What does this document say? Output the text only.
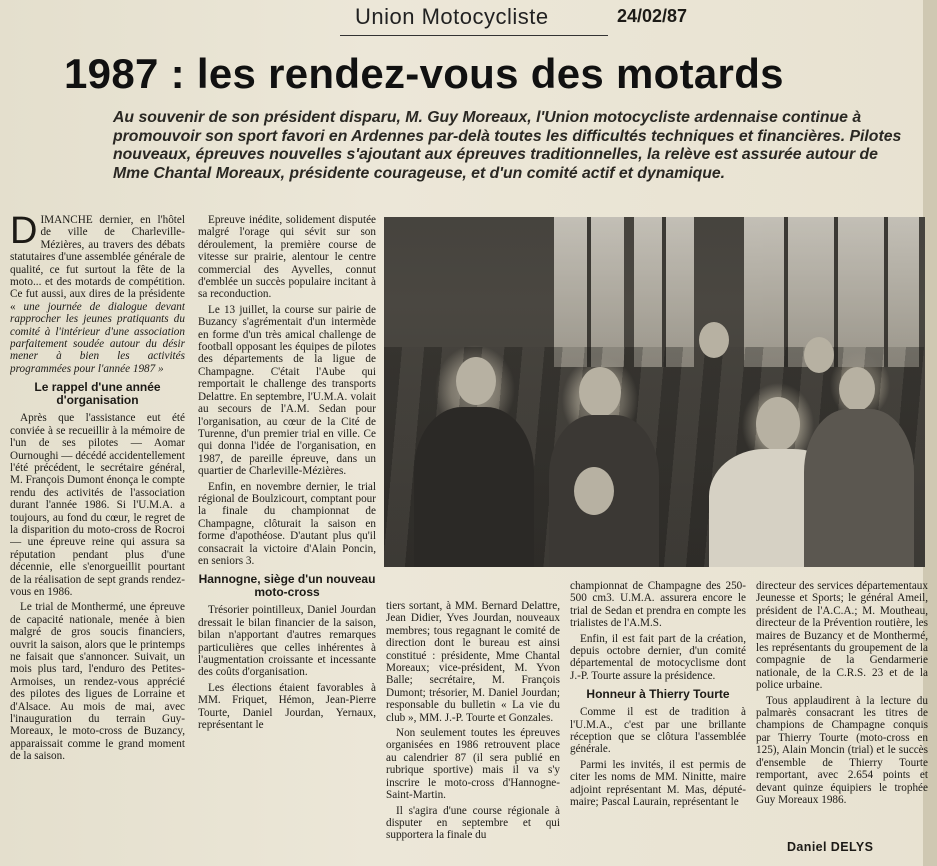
Union Motocycliste	24/02/87
1987 : les rendez-vous des motards

Au souvenir de son président disparu, M. Guy Moreaux, l'Union motocycliste ardennaise continue à promouvoir son sport favori en Ardennes par-delà toutes les difficultés techniques et financières. Pilotes nouveaux, épreuves nouvelles s'ajoutant aux épreuves traditionnelles, la relève est assurée autour de Mme Chantal Moreaux, présidente courageuse, et d'un comité actif et dynamique.

DIMANCHE dernier, en l'hôtel de ville de Charleville-Mézières, au travers des débats statutaires d'une assemblée générale de qualité, ce fut surtout la fête de la moto... et des motards de compétition. Ce fut aussi, aux dires de la présidente « une journée de dialogue devant rapprocher les jeunes pratiquants du comité à l'intérieur d'une association parfaitement soudée autour du désir mener à bien les activités programmées pour l'année 1987 »

Le rappel d'une année d'organisation

Après que l'assistance eut été conviée à se recueillir à la mémoire de l'un de ses pilotes — Aomar Ournoughi — décédé accidentellement l'été précédent, le secrétaire général, M. François Dumont énonça le compte rendu des activités de l'association durant l'année 1986. Si l'U.M.A. a toujours, au fond du cœur, le regret de la disparition du moto-cross de Rocroi — une épreuve reine qui assura sa réputation pendant plus d'une décennie, elle s'enorgueillit pourtant de la réalisation de sept grands rendez-vous en 1986.

Le trial de Monthermé, une épreuve de capacité nationale, menée à bien malgré de gros soucis financiers, ouvrit la saison, alors que le printemps ne faisait que s'annoncer. Suivait, un mois plus tard, l'enduro des Petites-Armoises, un rendez-vous apprécié des pilotes des ligues de Lorraine et d'Alsace. Au mois de mai, avec l'inauguration du terrain Guy-Moreaux, le moto-cross de Buzancy, apparaissait comme le grand moment de la saison.

Epreuve inédite, solidement disputée malgré l'orage qui sévit sur son déroulement, la première course de vitesse sur prairie, alentour le centre commercial des Ayvelles, connut d'emblée un succès populaire incitant à sa reconduction.

Le 13 juillet, la course sur pairie de Buzancy s'agrémentait d'un intermède en forme d'un très amical challenge de football opposant les équipes de pilotes des départements de la ligue de Champagne. C'était l'Aube qui remportait le challenge des transports Delattre. En septembre, l'U.M.A. volait au secours de l'A.M. Sedan pour l'organisation, au cœur de la Cité de Turenne, d'un premier trial en ville. Ce qui donna l'idée de l'organisation, en 1987, de pareille épreuve, dans un quartier de Charleville-Mézières.

Enfin, en novembre dernier, le trial régional de Boulzicourt, comptant pour la finale du championnat de Champagne, clôturait la saison en forme d'apothéose. D'autant plus qu'il consacrait la victoire d'Alain Poncin, en seniors 3.

Hannogne, siège d'un nouveau moto-cross

Trésorier pointilleux, Daniel Jourdan dressait le bilan financier de la saison, bilan n'apportant d'autres remarques particulières que celles inhérentes à l'augmentation croissante et incessante des coûts d'organisation.

Les élections étaient favorables à MM. Friquet, Hémon, Jean-Pierre Tourte, Daniel Jourdan, Yernaux, représentant le

tiers sortant, à MM. Bernard Delattre, Jean Didier, Yves Jourdan, nouveaux membres; tous regagnant le comité de direction dont le bureau est ainsi constitué : présidente, Mme Chantal Moreaux; vice-président, M. Yvon Balle; secrétaire, M. François Dumont; trésorier, M. Daniel Jourdan; responsable du bulletin « La vie du club », MM. J.-P. Tourte et Gonzales.

Non seulement toutes les épreuves organisées en 1986 retrouvent place au calendrier 87 (il sera publié en rubrique sportive) mais il va s'y inscrire le moto-cross d'Hannogne-Saint-Martin.

Il s'agira d'une course régionale à disputer en septembre et qui supportera la finale du

championnat de Champagne des 250-500 cm3. U.M.A. assurera encore le trial de Sedan et prendra en compte les trialistes de l'A.M.S.

Enfin, il est fait part de la création, depuis octobre dernier, d'un comité départemental de motocyclisme dont J.-P. Tourte assure la présidence.

Honneur à Thierry Tourte

Comme il est de tradition à l'U.M.A., c'est par une brillante réception que se clôtura l'assemblée générale.

Parmi les invités, il est permis de citer les noms de MM. Ninitte, maire adjoint représentant M. Mas, député-maire; Pascal Laurain, représentant le

directeur des services départementaux Jeunesse et Sports; le général Ameil, président de l'A.C.A.; M. Moutheau, directeur de la Prévention routière, les maires de Buzancy et de Monthermé, les représentants du groupement de la compagnie de la Gendarmerie nationale, de la C.R.S. 23 et de la police urbaine.

Tous applaudirent à la lecture du palmarès consacrant les titres de champions de Champagne conquis par Thierry Tourte (moto-cross en 125), Alain Moncin (trial) et le succès d'ensemble de Thierry Tourte remportant, avec 2.654 points et devant quinze équipiers le trophée Guy Moreaux 1986.

Daniel DELYS
